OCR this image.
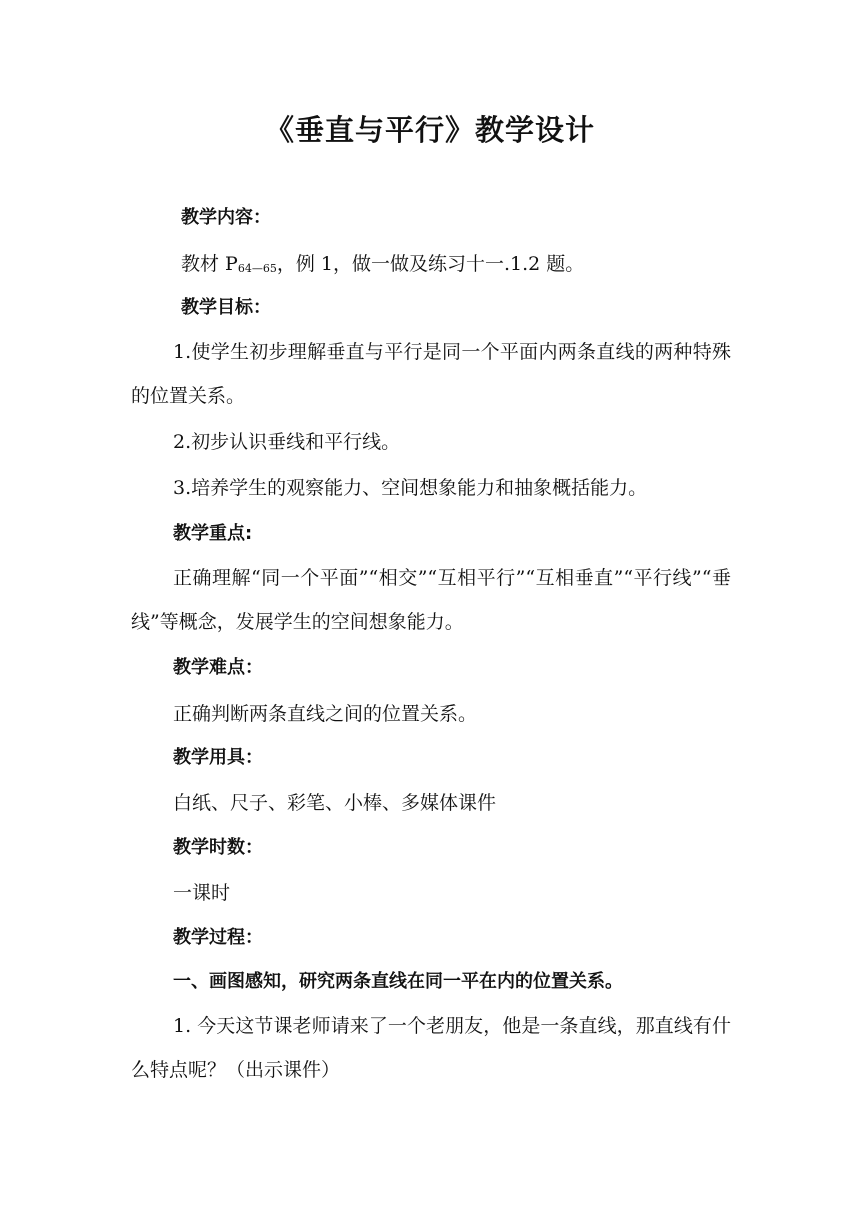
《垂直与平行》教学设计
教学内容：
教材 $P_{64—65}$，例 1，做一做及练习十一.1.2 题。
教学目标：
1.使学生初步理解垂直与平行是同一个平面内两条直线的两种特殊的位置关系。
2.初步认识垂线和平行线。
3.培养学生的观察能力、空间想象能力和抽象概括能力。
教学重点:
正确理解“同一个平面”“相交”“互相平行”“互相垂直”“平行线”“垂线”等概念，发展学生的空间想象能力。
教学难点：
正确判断两条直线之间的位置关系。
教学用具：
白纸、尺子、彩笔、小棒、多媒体课件
教学时数：
一课时
教学过程：
一、画图感知，研究两条直线在同一平在内的位置关系。
1. 今天这节课老师请来了一个老朋友，他是一条直线，那直线有什么特点呢？（出示课件）
